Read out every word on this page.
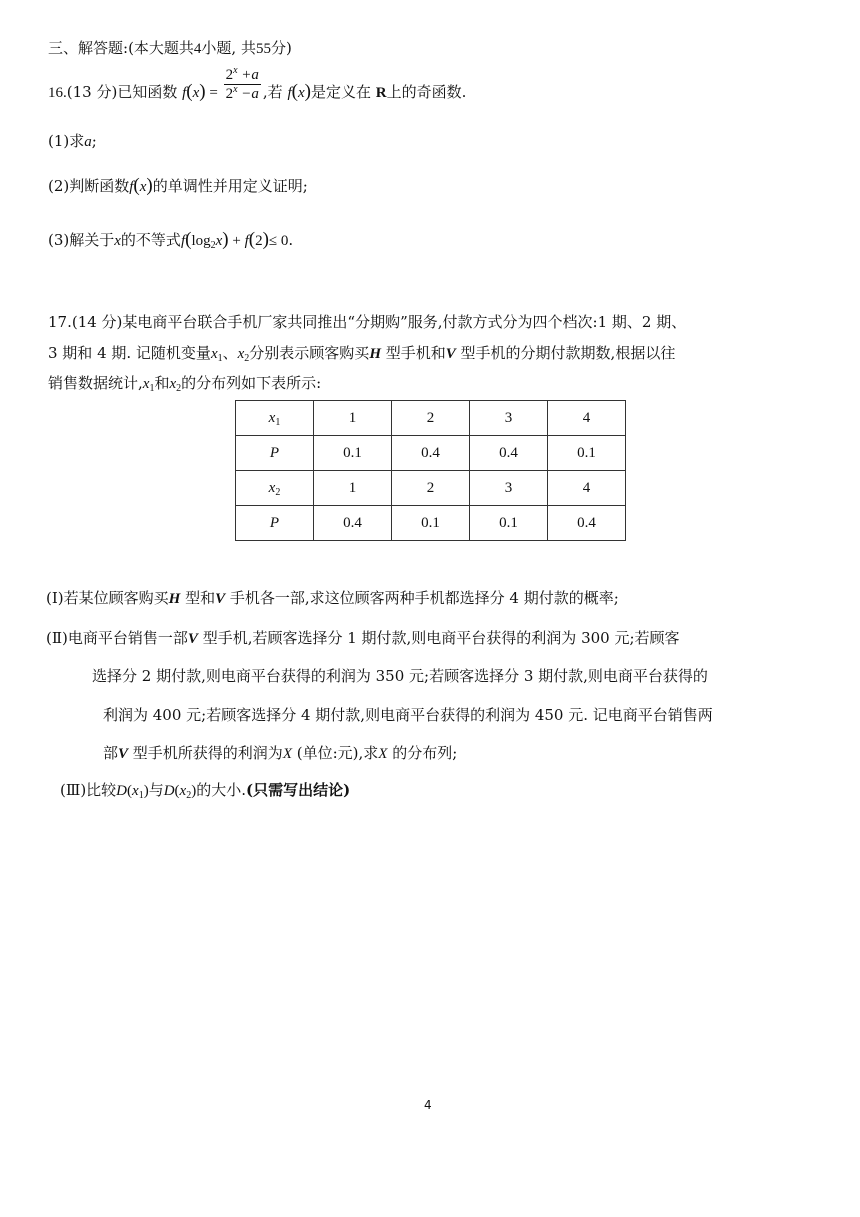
三、解答题:(本大题共4小题, 共55分)
16.(13 分)已知函数 $f(x) = \frac{2^x +a}{2^x -a}$ ,若 f(x)是定义在 R上的奇函数.
(1)求a;
(2)判断函数f(x)的单调性并用定义证明;
(3)解关于x的不等式$f(\log_2x) + f(2)\le 0$.
17.(14 分)某电商平台联合手机厂家共同推出“分期购”服务,付款方式分为四个档次:1 期、2 期、
3 期和 4 期. 记随机变量$x_1$、$x_2$分别表示顾客购买H 型手机和V 型手机的分期付款期数,根据以往
销售数据统计$,x_1$和$x_2$的分布列如下表所示:
$x_1$	1	2	3	4
P	0.1	0.4	0.4	0.1
$x_2$	1	2	3	4
P	0.4	0.1	0.1	0.4
(Ⅰ)若某位顾客购买H 型和V 手机各一部,求这位顾客两种手机都选择分 4 期付款的概率;
(Ⅱ)电商平台销售一部V 型手机,若顾客选择分 1 期付款,则电商平台获得的利润为 300 元;若顾客
选择分 2 期付款,则电商平台获得的利润为 350 元;若顾客选择分 3 期付款,则电商平台获得的
利润为 400 元;若顾客选择分 4 期付款,则电商平台获得的利润为 450 元. 记电商平台销售两
部V 型手机所获得的利润为X (单位:元),求X 的分布列;
(Ⅲ)比较$D(x_1)$与$D(x_2)$的大小.(只需写出结论)
4
